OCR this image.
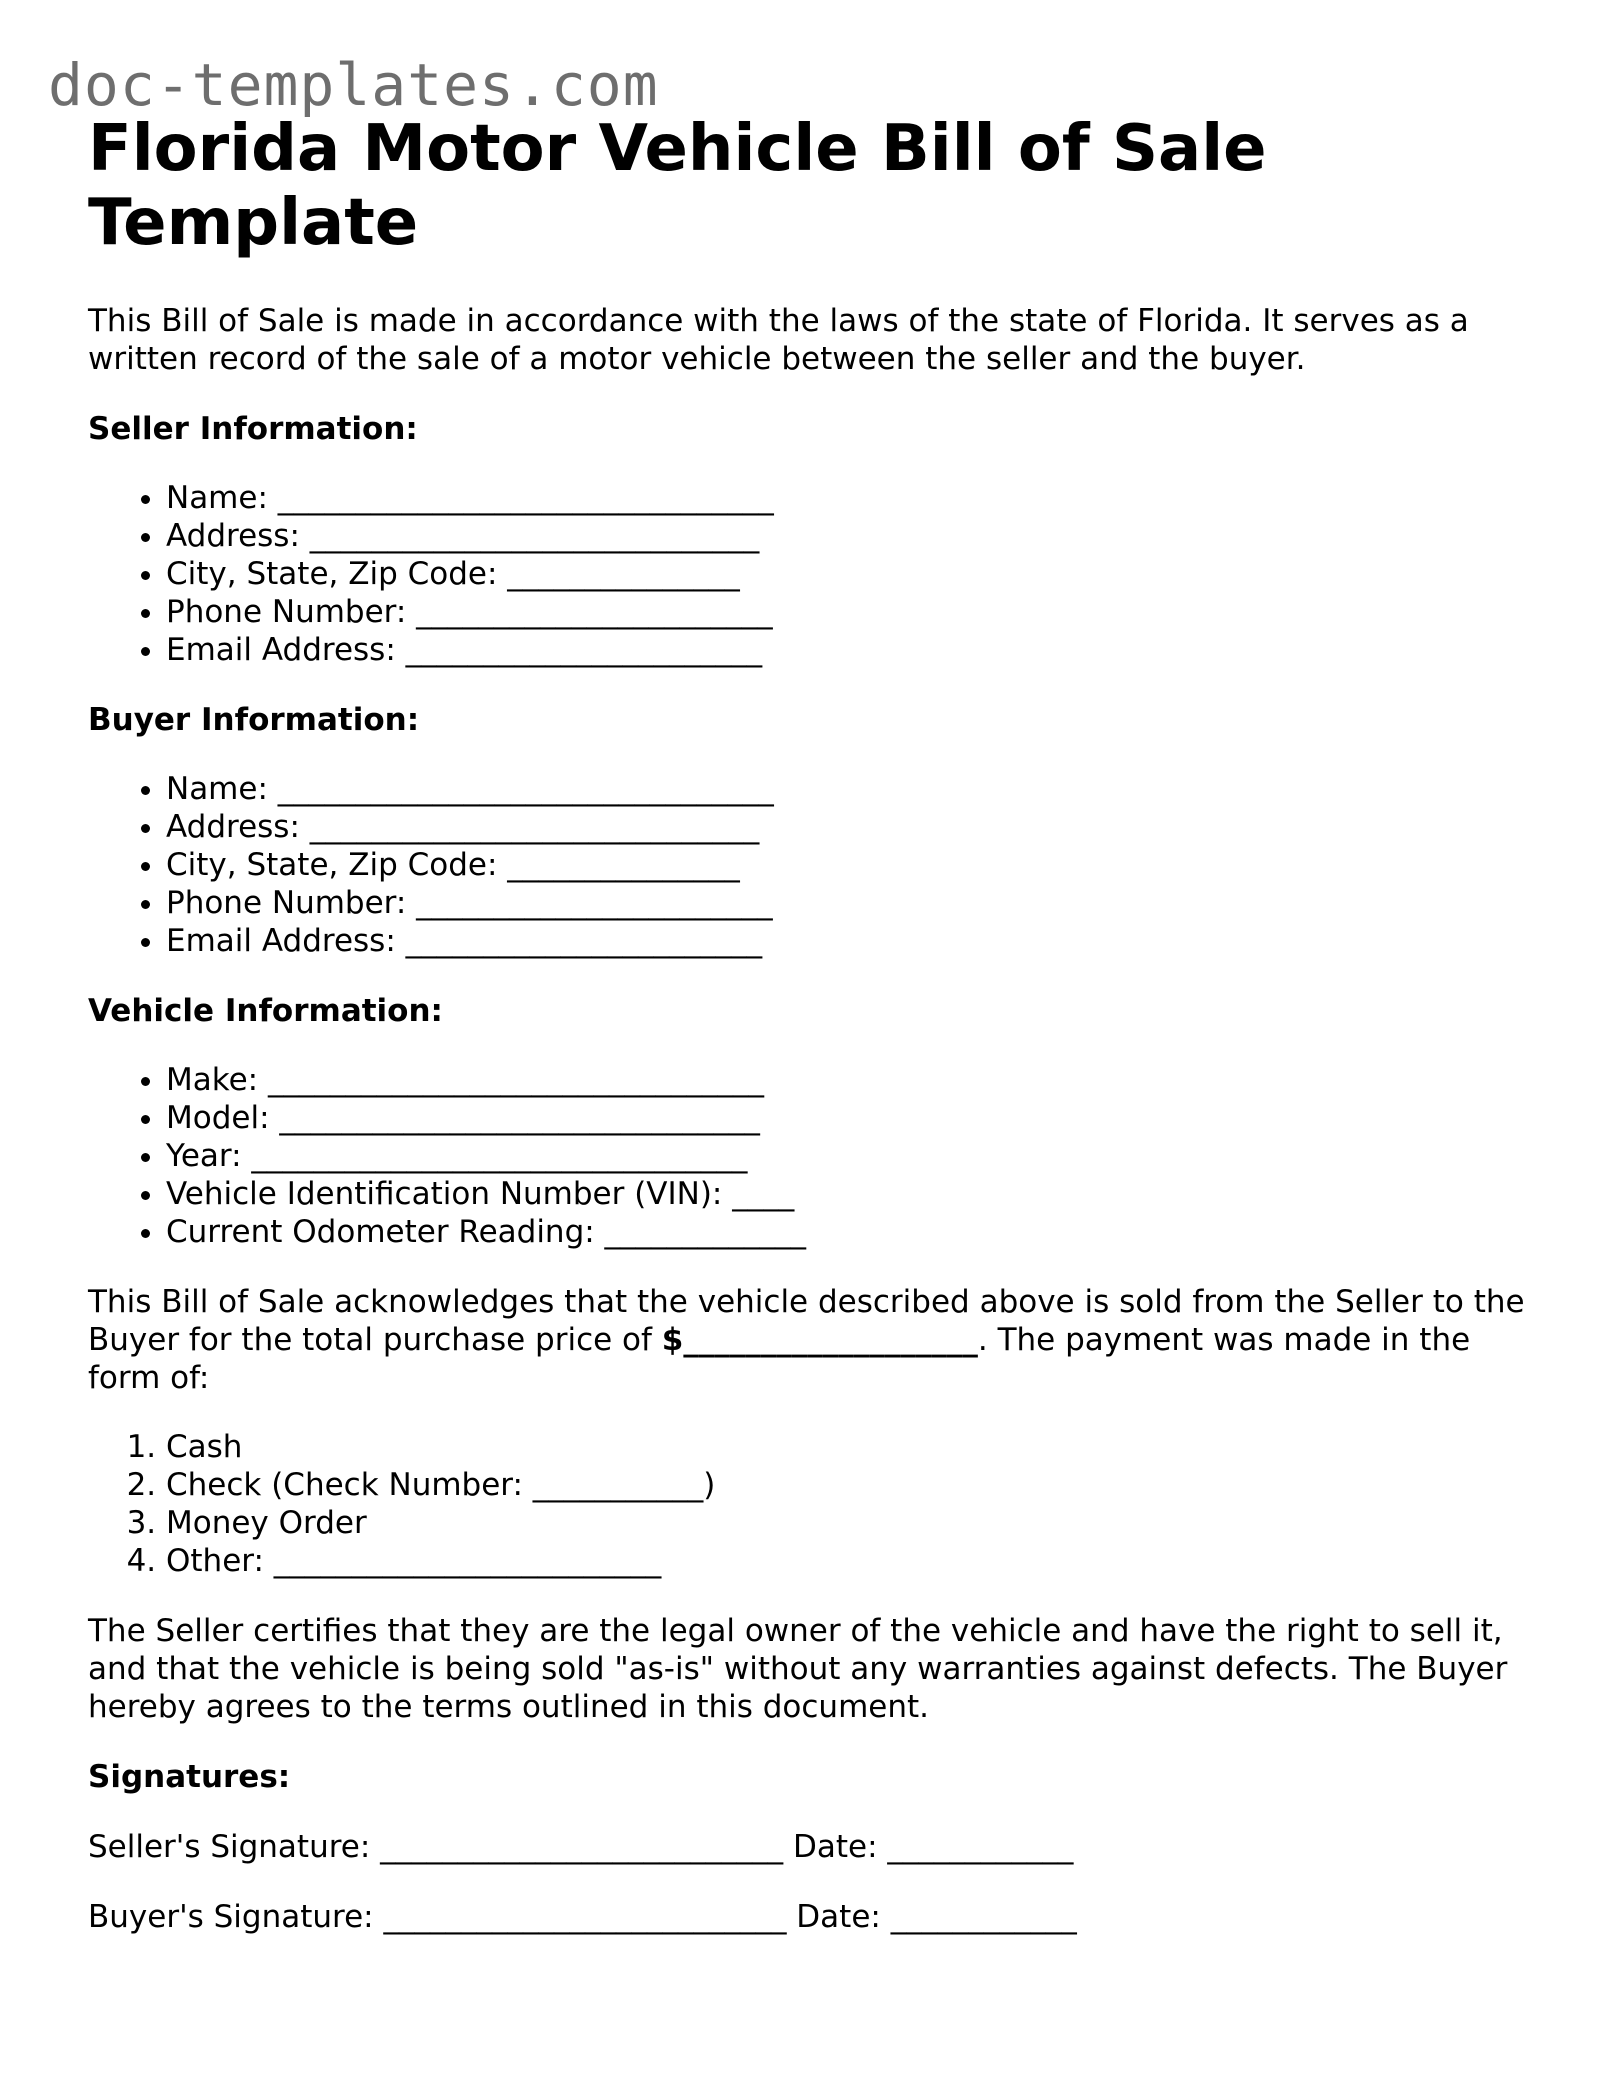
doc-templates.com
Florida Motor Vehicle Bill of Sale Template

This Bill of Sale is made in accordance with the laws of the state of Florida. It serves as a written record of the sale of a motor vehicle between the seller and the buyer.

Seller Information:

• Name: ________________________________
• Address: _____________________________
• City, State, Zip Code: _______________
• Phone Number: _______________________
• Email Address: _______________________

Buyer Information:

• Name: ________________________________
• Address: _____________________________
• City, State, Zip Code: _______________
• Phone Number: _______________________
• Email Address: _______________________

Vehicle Information:

• Make: ________________________________
• Model: _______________________________
• Year: ________________________________
• Vehicle Identification Number (VIN): ____
• Current Odometer Reading: _____________

This Bill of Sale acknowledges that the vehicle described above is sold from the Seller to the Buyer for the total purchase price of $___________________. The payment was made in the form of:

1. Cash
2. Check (Check Number: ___________)
3. Money Order
4. Other: _________________________

The Seller certifies that they are the legal owner of the vehicle and have the right to sell it, and that the vehicle is being sold "as-is" without any warranties against defects. The Buyer hereby agrees to the terms outlined in this document.

Signatures:

Seller's Signature: __________________________ Date: ____________

Buyer's Signature: __________________________ Date: ____________
